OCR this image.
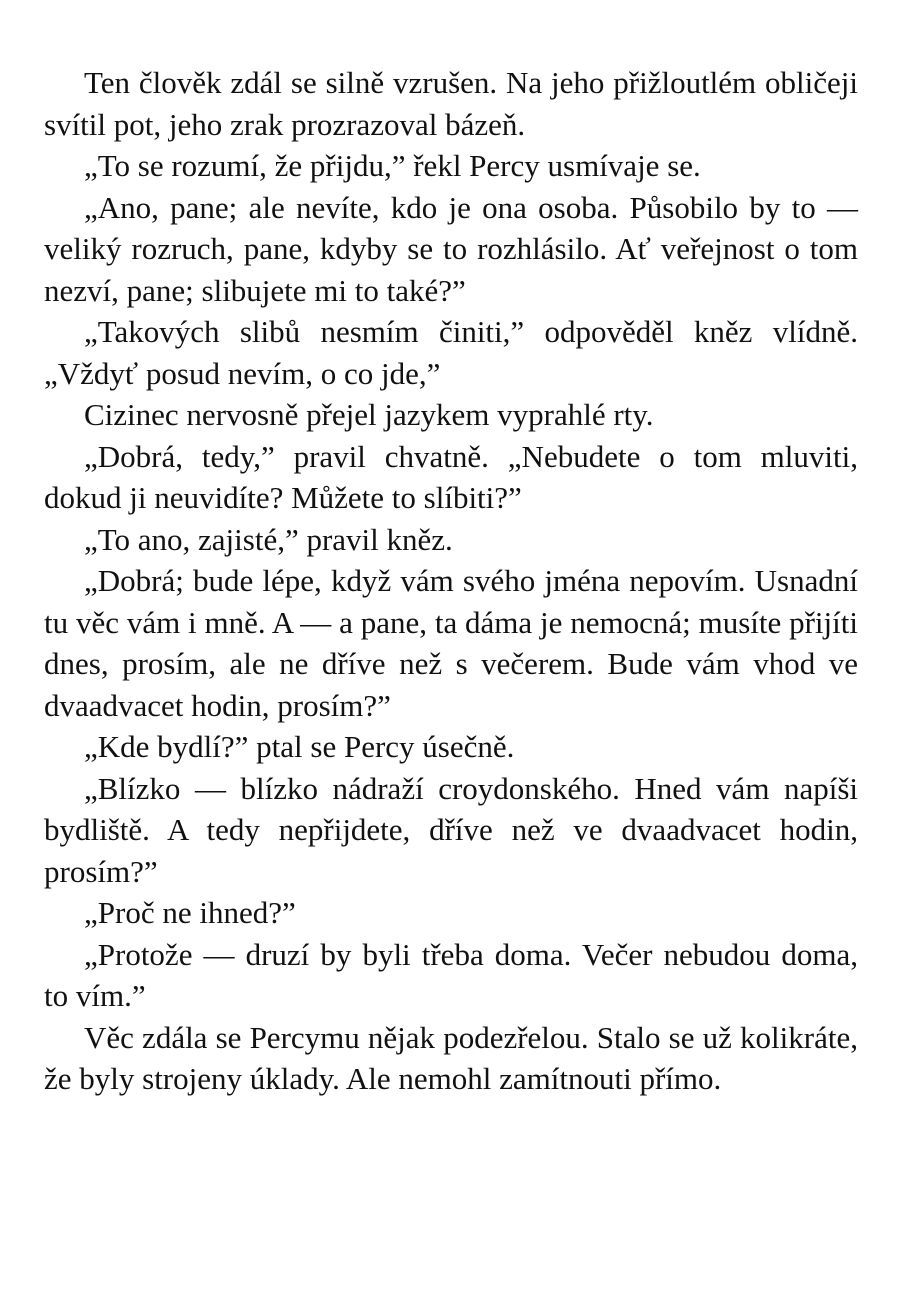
Ten člověk zdál se silně vzrušen. Na jeho přižloutlém obličeji svítil pot, jeho zrak prozrazoval bázeň.

„To se rozumí, že přijdu,” řekl Percy usmívaje se.

„Ano, pane; ale nevíte, kdo je ona osoba. Působilo by to — veliký rozruch, pane, kdyby se to rozhlásilo. Ať veřejnost o tom nezví, pane; slibujete mi to také?”

„Takových slibů nesmím činiti,” odpověděl kněz vlídně. „Vždyť posud nevím, o co jde,”

Cizinec nervosně přejel jazykem vyprahlé rty.

„Dobrá, tedy,” pravil chvatně. „Nebudete o tom mluviti, dokud ji neuvidíte? Můžete to slíbiti?”

„To ano, zajisté,” pravil kněz.

„Dobrá; bude lépe, když vám svého jména nepovím. Usnadní tu věc vám i mně. A — a pane, ta dáma je nemocná; musíte přijíti dnes, prosím, ale ne dříve než s večerem. Bude vám vhod ve dvaadvacet hodin, prosím?”

„Kde bydlí?” ptal se Percy úsečně.

„Blízko — blízko nádraží croydonského. Hned vám napíši bydliště. A tedy nepřijdete, dříve než ve dvaadvacet hodin, prosím?”

„Proč ne ihned?”

„Protože — druzí by byli třeba doma. Večer nebudou doma, to vím.”

Věc zdála se Percymu nějak podezřelou. Stalo se už kolikráte, že byly strojeny úklady. Ale nemohl zamítnouti přímo.
